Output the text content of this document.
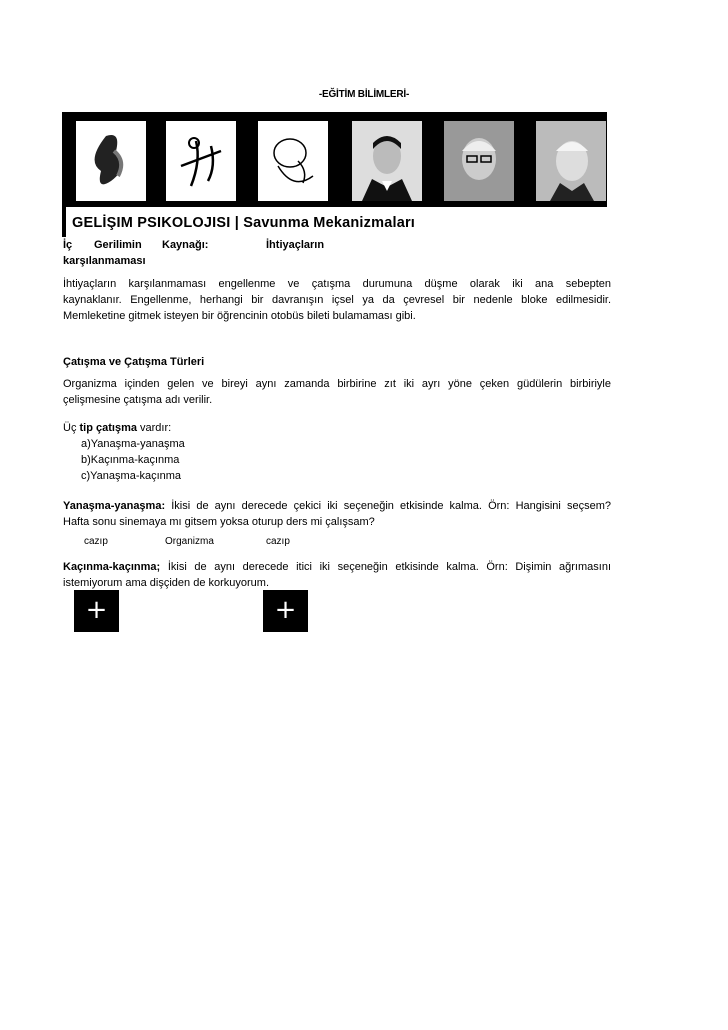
-EĞİTİM BİLİMLERİ-
GELİŞIM PSIKOLOJISI | Savunma Mekanizmaları
İç Gerilimin Kaynağı:	İhtiyaçların
karşılanmaması
İhtiyaçların karşılanmaması engellenme ve çatışma durumuna düşme olarak iki ana sebepten
kaynaklanır. Engellenme, herhangi bir davranışın içsel ya da çevresel bir nedenle bloke edilmesidir.
Memleketine gitmek isteyen bir öğrencinin otobüs bileti bulamaması gibi.
Çatışma ve Çatışma Türleri
Organizma içinden gelen ve bireyi aynı zamanda birbirine zıt iki ayrı yöne çeken güdülerin birbiriyle
çelişmesine çatışma adı verilir.
Üç tip çatışma vardır:
a)Yanaşma-yanaşma
b)Kaçınma-kaçınma
c)Yanaşma-kaçınma
Yanaşma-yanaşma: İkisi de aynı derecede çekici iki seçeneğin etkisinde kalma. Örn: Hangisini seçsem?
Hafta sonu sinemaya mı gitsem yoksa oturup ders mi çalışsam?
cazıp	Organizma	cazıp
Kaçınma-kaçınma; İkisi de aynı derecede itici iki seçeneğin etkisinde kalma. Örn: Dişimin ağrımasını
istemiyorum ama dişçiden de korkuyorum.
+	+
